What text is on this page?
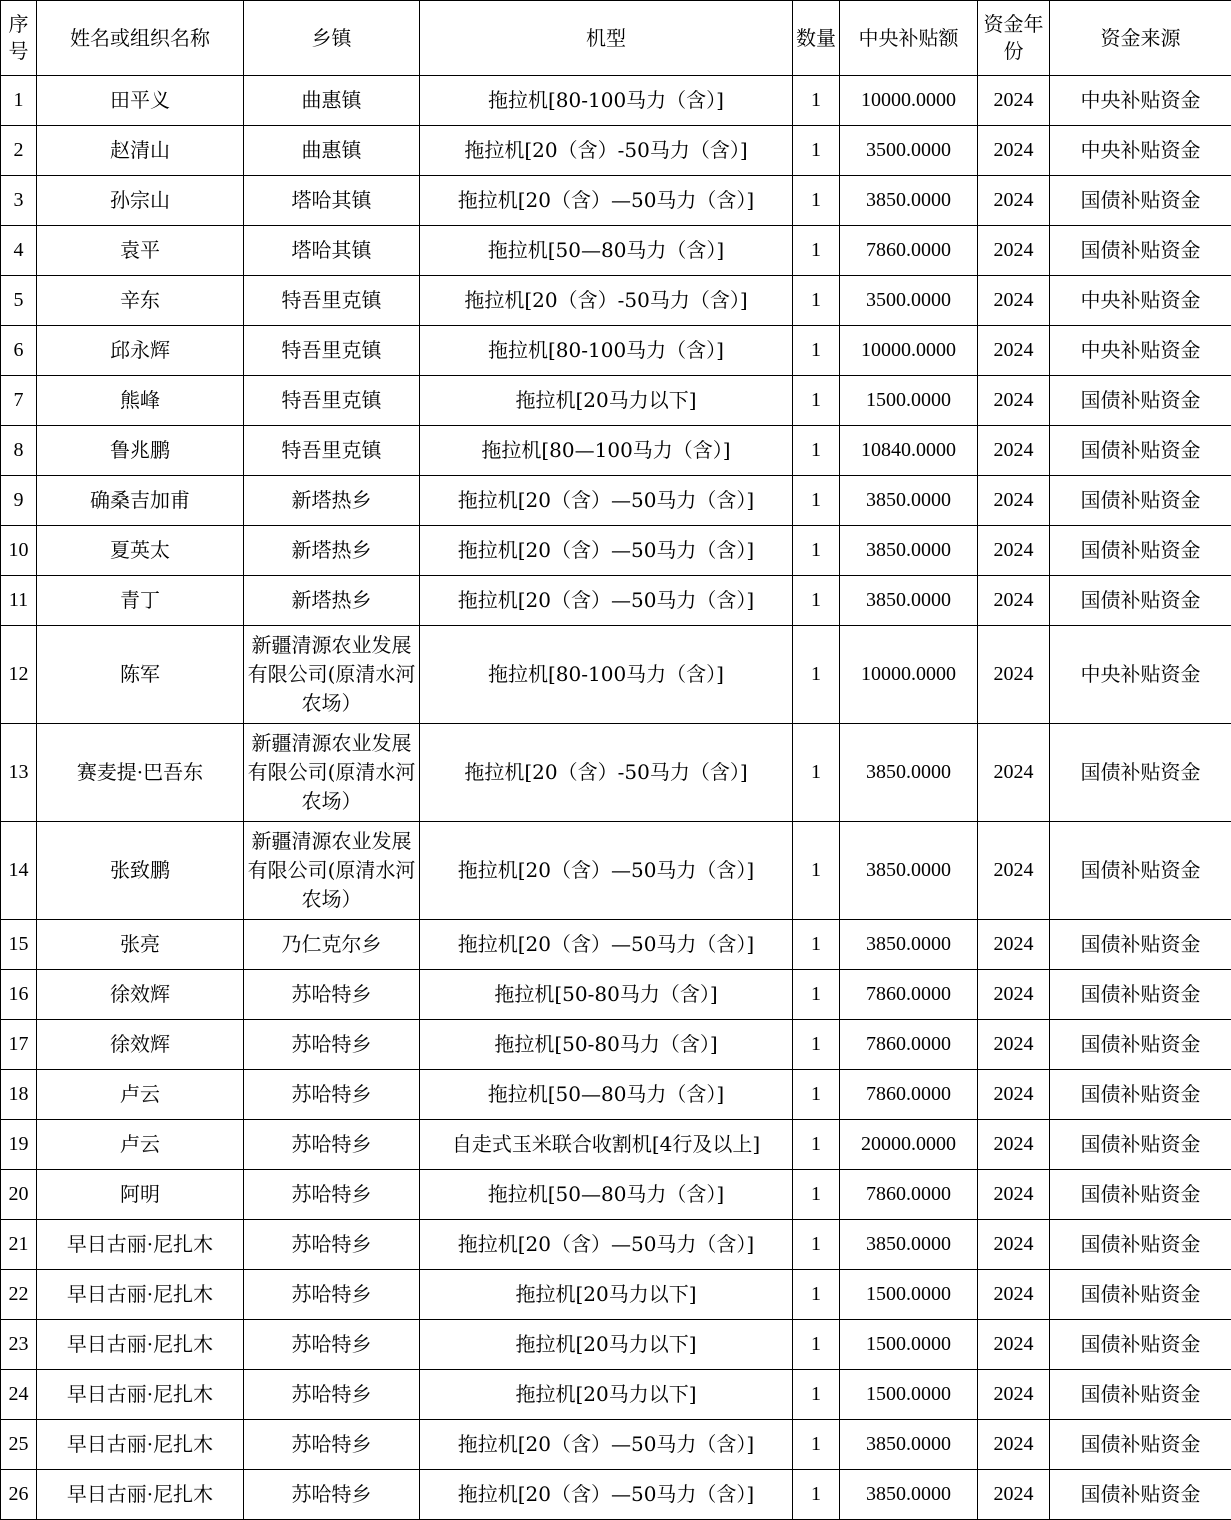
序号	姓名或组织名称	乡镇	机型	数量	中央补贴额	资金年份	资金来源
1	田平义	曲惠镇	拖拉机[80-100马力（含）]	1	10000.0000	2024	中央补贴资金
2	赵清山	曲惠镇	拖拉机[20（含）-50马力（含）]	1	3500.0000	2024	中央补贴资金
3	孙宗山	塔哈其镇	拖拉机[20（含）—50马力（含）]	1	3850.0000	2024	国债补贴资金
4	袁平	塔哈其镇	拖拉机[50—80马力（含）]	1	7860.0000	2024	国债补贴资金
5	辛东	特吾里克镇	拖拉机[20（含）-50马力（含）]	1	3500.0000	2024	中央补贴资金
6	邱永辉	特吾里克镇	拖拉机[80-100马力（含）]	1	10000.0000	2024	中央补贴资金
7	熊峰	特吾里克镇	拖拉机[20马力以下]	1	1500.0000	2024	国债补贴资金
8	鲁兆鹏	特吾里克镇	拖拉机[80—100马力（含）]	1	10840.0000	2024	国债补贴资金
9	确桑吉加甫	新塔热乡	拖拉机[20（含）—50马力（含）]	1	3850.0000	2024	国债补贴资金
10	夏英太	新塔热乡	拖拉机[20（含）—50马力（含）]	1	3850.0000	2024	国债补贴资金
11	青丁	新塔热乡	拖拉机[20（含）—50马力（含）]	1	3850.0000	2024	国债补贴资金
12	陈军	新疆清源农业发展有限公司(原清水河农场）	拖拉机[80-100马力（含）]	1	10000.0000	2024	中央补贴资金
13	赛麦提·巴吾东	新疆清源农业发展有限公司(原清水河农场）	拖拉机[20（含）-50马力（含）]	1	3850.0000	2024	国债补贴资金
14	张致鹏	新疆清源农业发展有限公司(原清水河农场）	拖拉机[20（含）—50马力（含）]	1	3850.0000	2024	国债补贴资金
15	张亮	乃仁克尔乡	拖拉机[20（含）—50马力（含）]	1	3850.0000	2024	国债补贴资金
16	徐效辉	苏哈特乡	拖拉机[50-80马力（含）]	1	7860.0000	2024	国债补贴资金
17	徐效辉	苏哈特乡	拖拉机[50-80马力（含）]	1	7860.0000	2024	国债补贴资金
18	卢云	苏哈特乡	拖拉机[50—80马力（含）]	1	7860.0000	2024	国债补贴资金
19	卢云	苏哈特乡	自走式玉米联合收割机[4行及以上]	1	20000.0000	2024	国债补贴资金
20	阿明	苏哈特乡	拖拉机[50—80马力（含）]	1	7860.0000	2024	国债补贴资金
21	早日古丽·尼扎木	苏哈特乡	拖拉机[20（含）—50马力（含）]	1	3850.0000	2024	国债补贴资金
22	早日古丽·尼扎木	苏哈特乡	拖拉机[20马力以下]	1	1500.0000	2024	国债补贴资金
23	早日古丽·尼扎木	苏哈特乡	拖拉机[20马力以下]	1	1500.0000	2024	国债补贴资金
24	早日古丽·尼扎木	苏哈特乡	拖拉机[20马力以下]	1	1500.0000	2024	国债补贴资金
25	早日古丽·尼扎木	苏哈特乡	拖拉机[20（含）—50马力（含）]	1	3850.0000	2024	国债补贴资金
26	早日古丽·尼扎木	苏哈特乡	拖拉机[20（含）—50马力（含）]	1	3850.0000	2024	国债补贴资金
